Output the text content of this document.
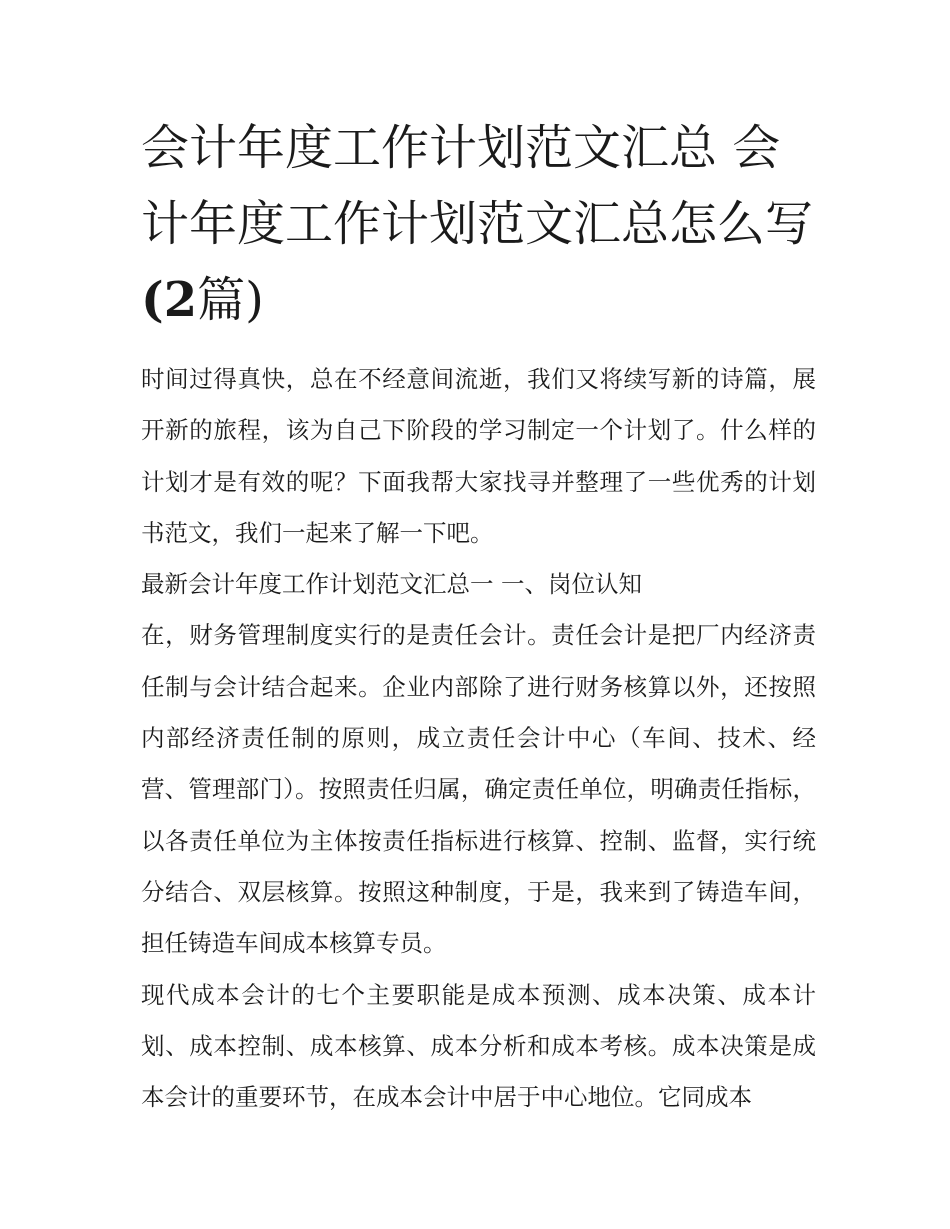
会计年度工作计划范文汇总 会计年度工作计划范文汇总怎么写(2篇)

时间过得真快，总在不经意间流逝，我们又将续写新的诗篇，展开新的旅程，该为自己下阶段的学习制定一个计划了。什么样的计划才是有效的呢？下面我帮大家找寻并整理了一些优秀的计划书范文，我们一起来了解一下吧。

最新会计年度工作计划范文汇总一 一、岗位认知

在，财务管理制度实行的是责任会计。责任会计是把厂内经济责任制与会计结合起来。企业内部除了进行财务核算以外，还按照内部经济责任制的原则，成立责任会计中心（车间、技术、经营、管理部门）。按照责任归属，确定责任单位，明确责任指标，以各责任单位为主体按责任指标进行核算、控制、监督，实行统分结合、双层核算。按照这种制度，于是，我来到了铸造车间，担任铸造车间成本核算专员。

现代成本会计的七个主要职能是成本预测、成本决策、成本计划、成本控制、成本核算、成本分析和成本考核。成本决策是成本会计的重要环节，在成本会计中居于中心地位。它同成本
